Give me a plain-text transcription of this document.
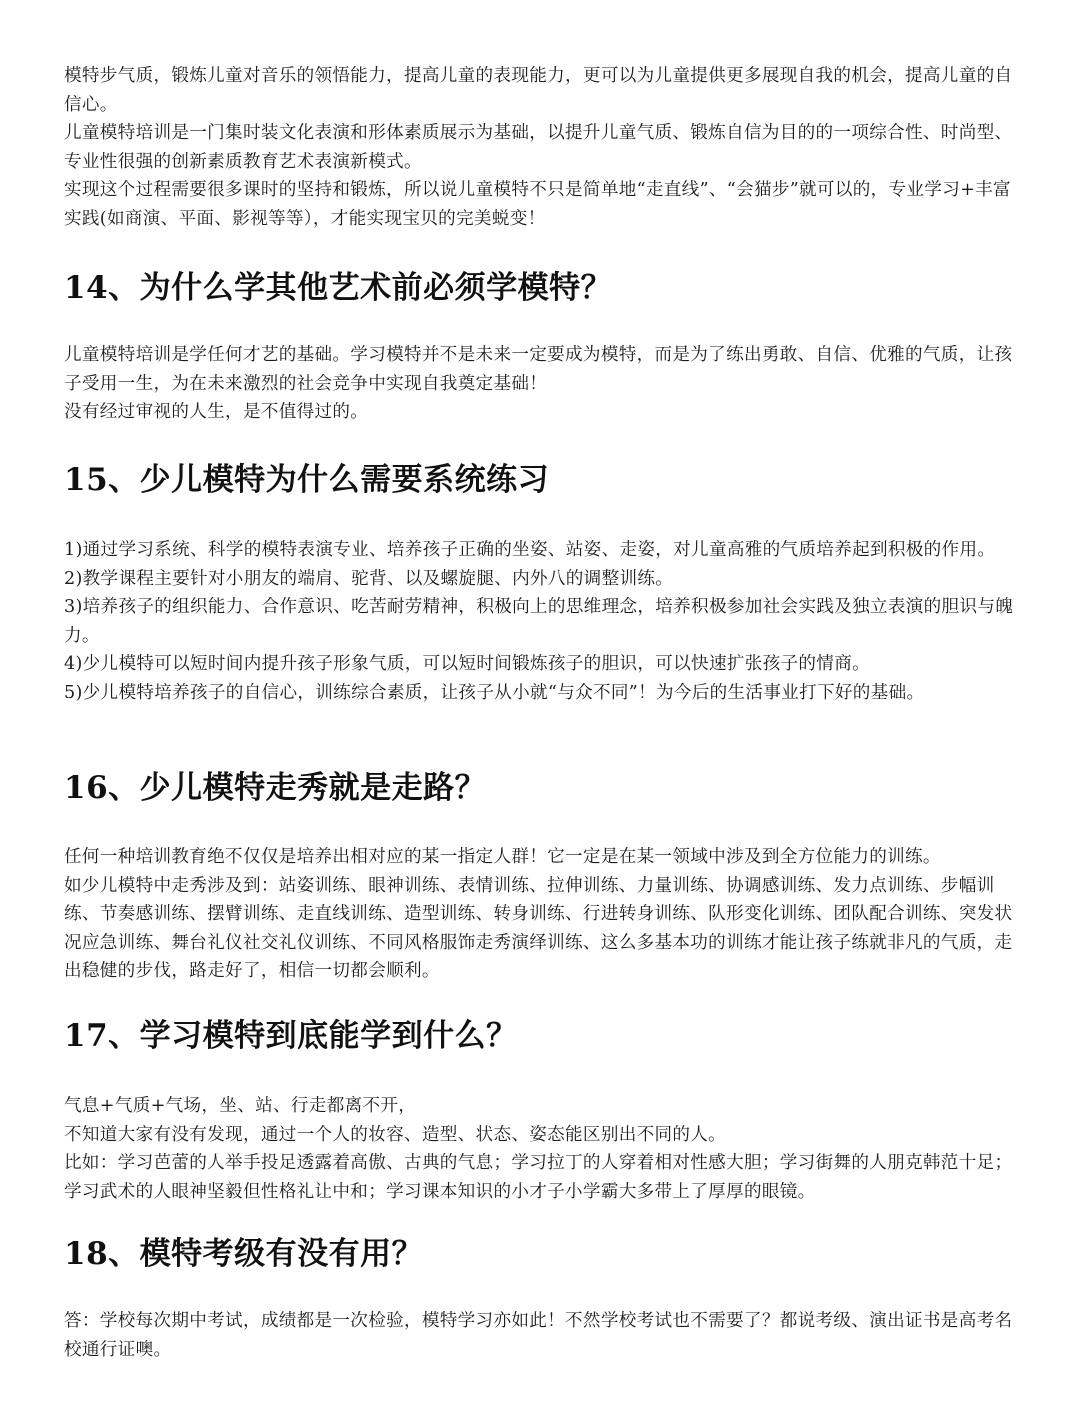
模特步气质，锻炼儿童对音乐的领悟能力，提高儿童的表现能力，更可以为儿童提供更多展现自我的机会，提高儿童的自信心。

儿童模特培训是一门集时装文化表演和形体素质展示为基础，以提升儿童气质、锻炼自信为目的的一项综合性、时尚型、专业性很强的创新素质教育艺术表演新模式。

实现这个过程需要很多课时的坚持和锻炼，所以说儿童模特不只是简单地“走直线”、“会猫步”就可以的，专业学习+丰富实践(如商演、平面、影视等等），才能实现宝贝的完美蜕变！

14、为什么学其他艺术前必须学模特？

儿童模特培训是学任何才艺的基础。学习模特并不是未来一定要成为模特，而是为了练出勇敢、自信、优雅的气质，让孩子受用一生，为在未来激烈的社会竞争中实现自我奠定基础！

没有经过审视的人生，是不值得过的。

15、少儿模特为什么需要系统练习

1)通过学习系统、科学的模特表演专业、培养孩子正确的坐姿、站姿、走姿，对儿童高雅的气质培养起到积极的作用。

2)教学课程主要针对小朋友的端肩、驼背、以及螺旋腿、内外八的调整训练。

3)培养孩子的组织能力、合作意识、吃苦耐劳精神，积极向上的思维理念，培养积极参加社会实践及独立表演的胆识与魄力。

4)少儿模特可以短时间内提升孩子形象气质，可以短时间锻炼孩子的胆识，可以快速扩张孩子的情商。

5)少儿模特培养孩子的自信心，训练综合素质，让孩子从小就“与众不同”！为今后的生活事业打下好的基础。

16、少儿模特走秀就是走路？

任何一种培训教育绝不仅仅是培养出相对应的某一指定人群！它一定是在某一领域中涉及到全方位能力的训练。

如少儿模特中走秀涉及到：站姿训练、眼神训练、表情训练、拉伸训练、力量训练、协调感训练、发力点训练、步幅训练、节奏感训练、摆臂训练、走直线训练、造型训练、转身训练、行进转身训练、队形变化训练、团队配合训练、突发状况应急训练、舞台礼仪社交礼仪训练、不同风格服饰走秀演绎训练、这么多基本功的训练才能让孩子练就非凡的气质，走出稳健的步伐，路走好了，相信一切都会顺利。

17、学习模特到底能学到什么？

气息+气质+气场，坐、站、行走都离不开，

不知道大家有没有发现，通过一个人的妆容、造型、状态、姿态能区别出不同的人。

比如：学习芭蕾的人举手投足透露着高傲、古典的气息；学习拉丁的人穿着相对性感大胆；学习街舞的人朋克韩范十足；学习武术的人眼神坚毅但性格礼让中和；学习课本知识的小才子小学霸大多带上了厚厚的眼镜。

18、模特考级有没有用？

答：学校每次期中考试，成绩都是一次检验，模特学习亦如此！不然学校考试也不需要了？都说考级、演出证书是高考名校通行证噢。
